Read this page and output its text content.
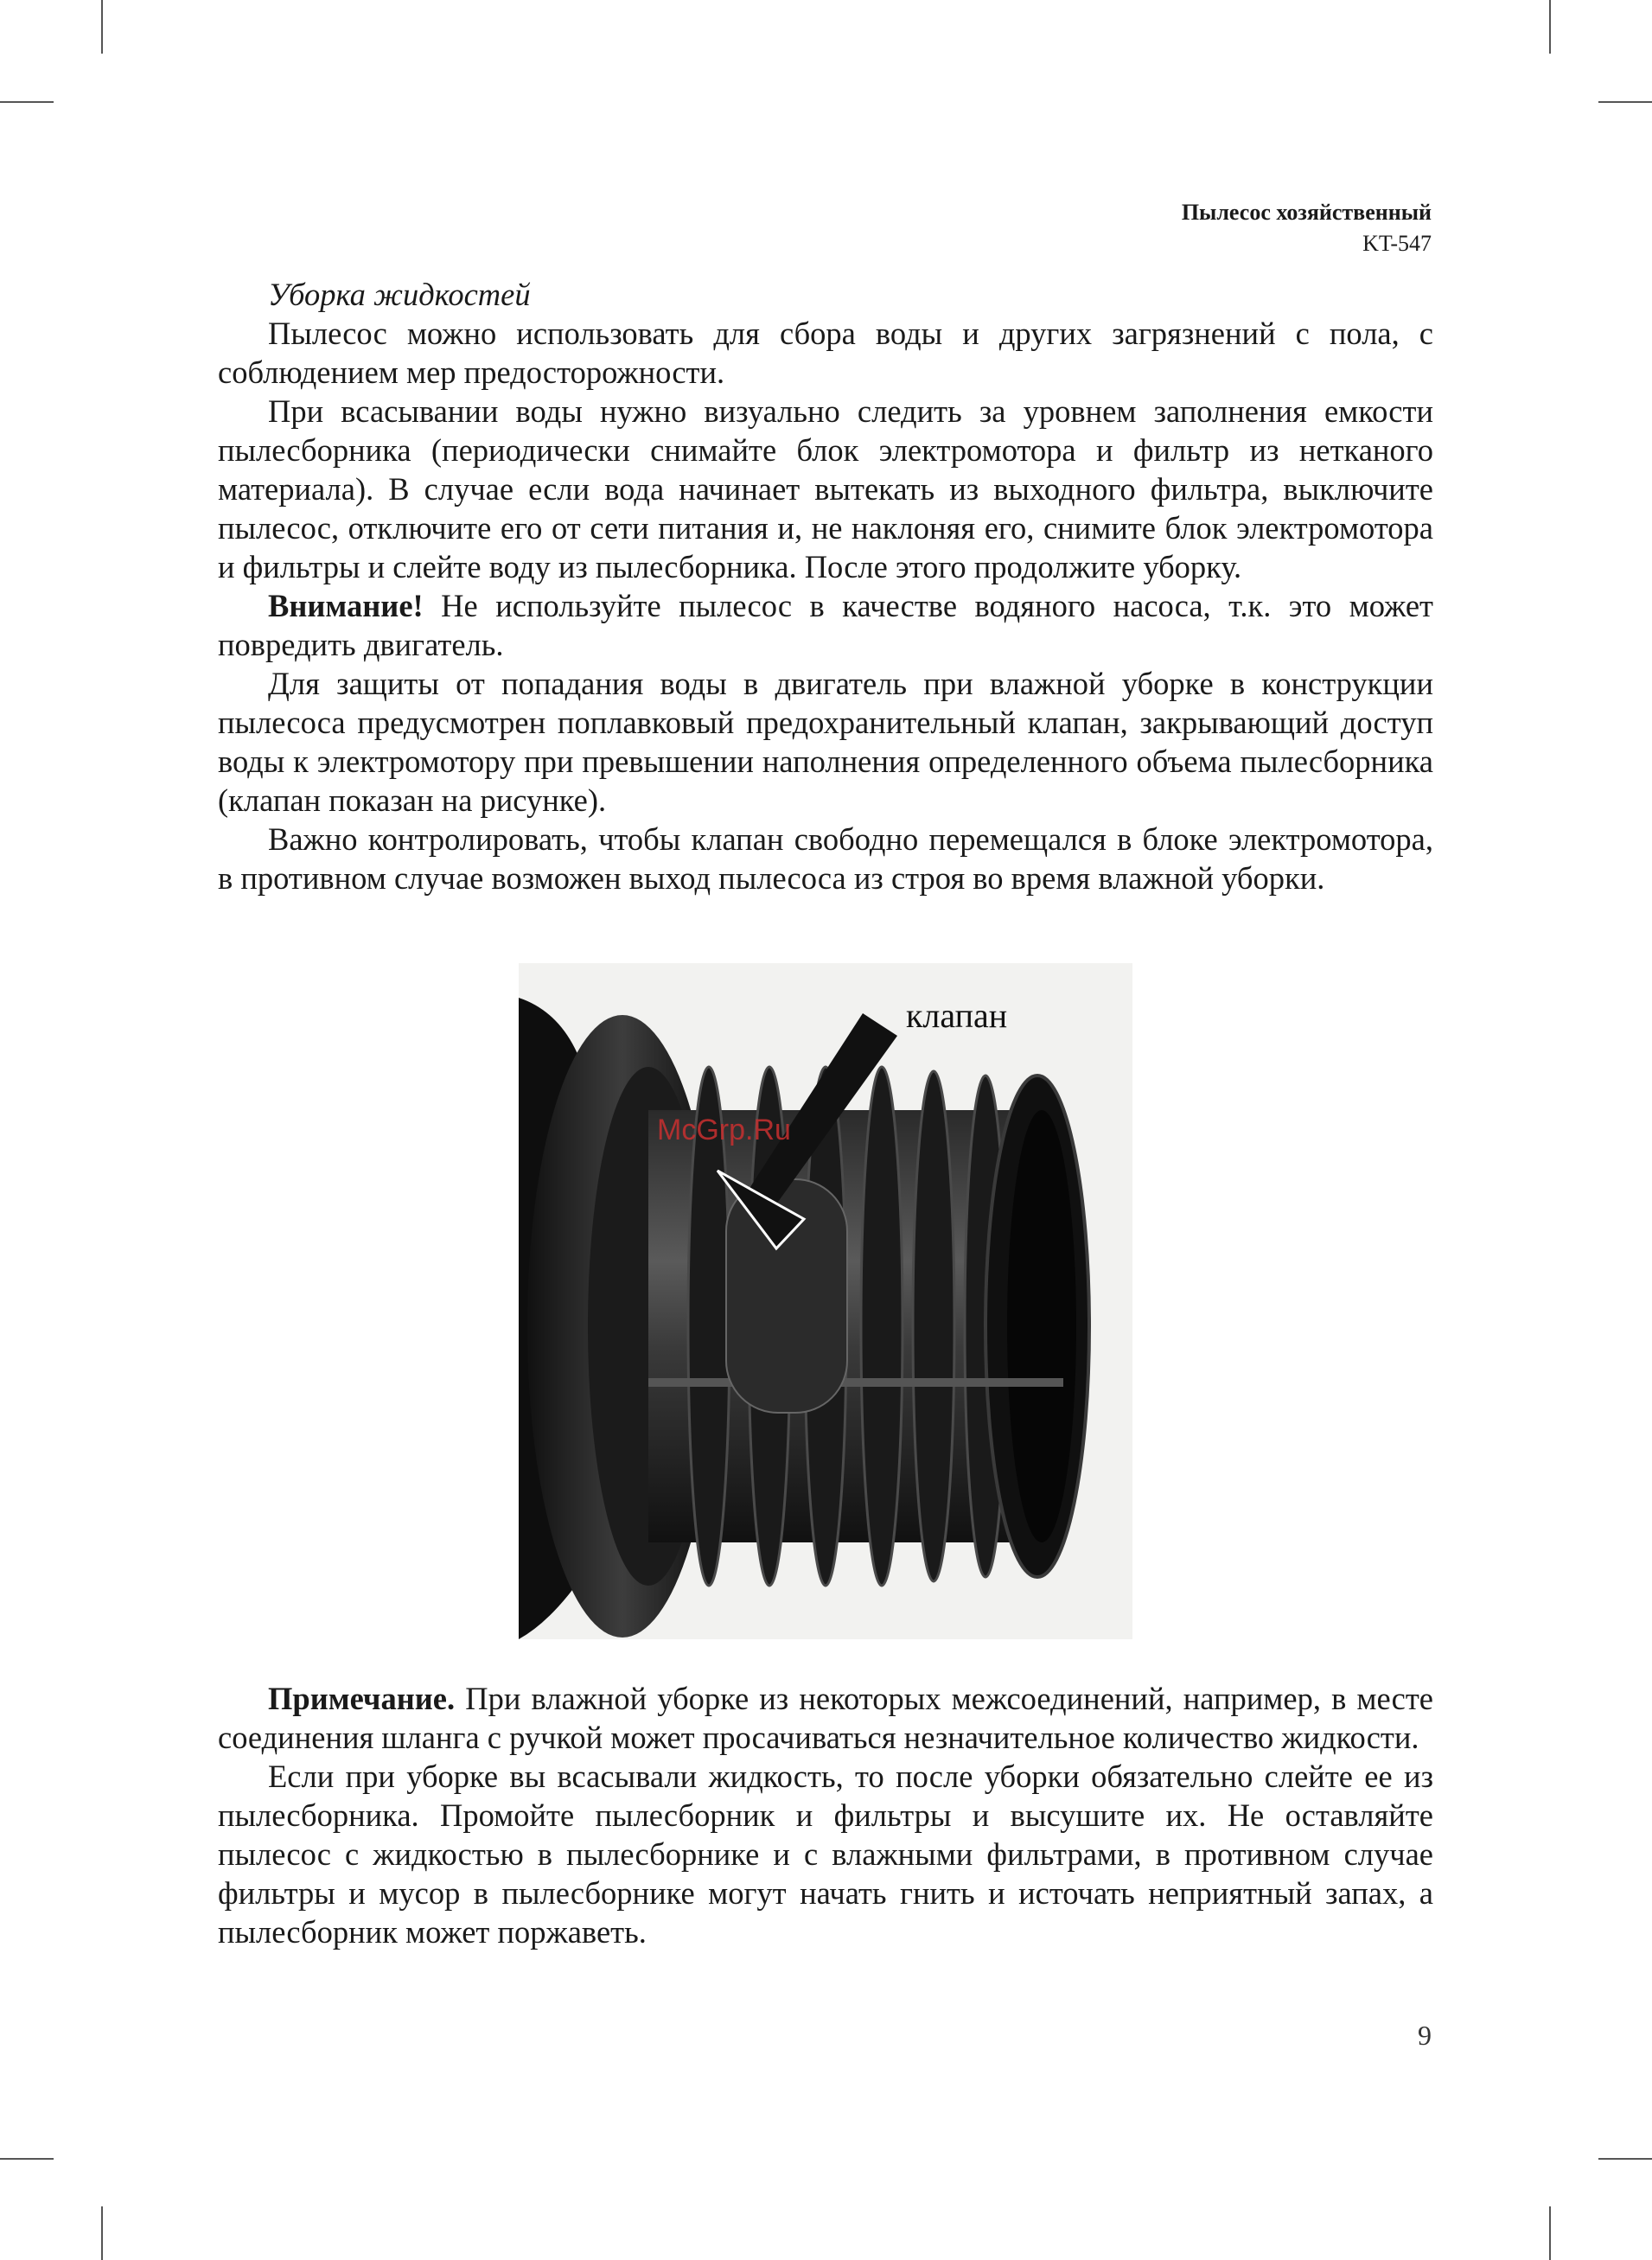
Пылесос хозяйственный
KT-547

Уборка жидкостей

Пылесос можно использовать для сбора воды и других загрязнений с пола, с соблюдением мер предосторожности.

При всасывании воды нужно визуально следить за уровнем заполнения емкости пылесборника (периодически снимайте блок электромотора и фильтр из нетканого материала). В случае если вода начинает вытекать из выходного фильтра, выключите пылесос, отключите его от сети питания и, не наклоняя его, снимите блок электромотора и фильтры и слейте воду из пылесборника. После этого продолжите уборку.

Внимание! Не используйте пылесос в качестве водяного насоса, т.к. это может повредить двигатель.

Для защиты от попадания воды в двигатель при влажной уборке в конструкции пылесоса предусмотрен поплавковый предохранительный клапан, закрывающий доступ воды к электромотору при превышении наполнения определенного объема пылесборника (клапан показан на рисунке).

Важно контролировать, чтобы клапан свободно перемещался в блоке электромотора, в противном случае возможен выход пылесоса из строя во время влажной уборки.

McGrp.Ru
клапан

Примечание. При влажной уборке из некоторых межсоединений, например, в месте соединения шланга с ручкой может просачиваться незначительное количество жидкости.

Если при уборке вы всасывали жидкость, то после уборки обязательно слейте ее из пылесборника. Промойте пылесборник и фильтры и высушите их. Не оставляйте пылесос с жидкостью в пылесборнике и с влажными фильтрами, в противном случае фильтры и мусор в пылесборнике могут начать гнить и источать неприятный запах, а пылесборник может поржаветь.

9
